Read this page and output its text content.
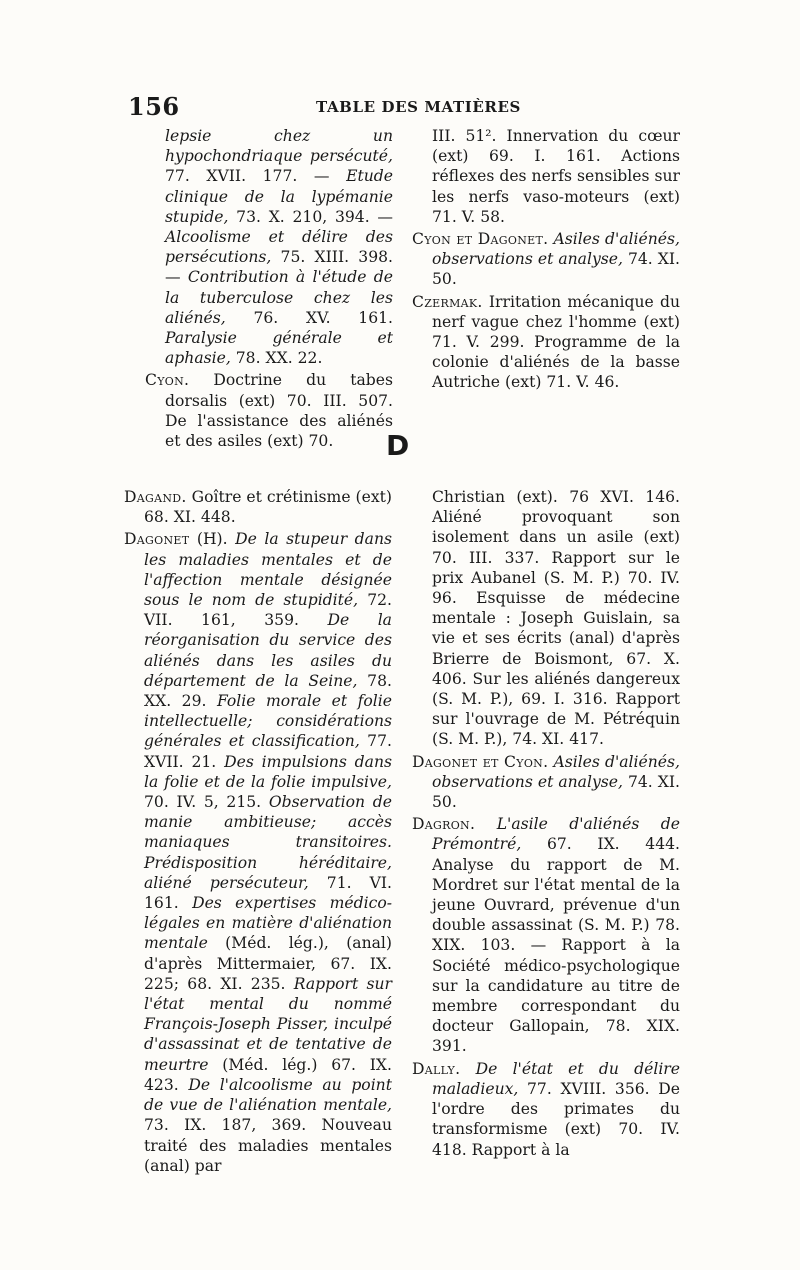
156	TABLE DES MATIÈRES

lepsie chez un hypochondriaque persécuté, 77. XVII. 177. — Etude clinique de la lypémanie stupide, 73. X. 210, 394. — Alcoolisme et délire des persécutions, 75. XIII. 398. — Contribution à l'étude de la tuberculose chez les aliénés, 76. XV. 161. Paralysie générale et aphasie, 78. XX. 22.

Cyon. Doctrine du tabes dorsalis (ext) 70. III. 507. De l'assistance des aliénés et des asiles (ext) 70.

III. 51². Innervation du cœur (ext) 69. I. 161. Actions réflexes des nerfs sensibles sur les nerfs vaso-moteurs (ext) 71. V. 58.

Cyon et Dagonet. Asiles d'aliénés, observations et analyse, 74. XI. 50.

Czermak. Irritation mécanique du nerf vague chez l'homme (ext) 71. V. 299. Programme de la colonie d'aliénés de la basse Autriche (ext) 71. V. 46.

D

Dagand. Goître et crétinisme (ext) 68. XI. 448.

Dagonet (H). De la stupeur dans les maladies mentales et de l'affection mentale désignée sous le nom de stupidité, 72. VII. 161, 359. De la réorganisation du service des aliénés dans les asiles du département de la Seine, 78. XX. 29. Folie morale et folie intellectuelle; considérations générales et classification, 77. XVII. 21. Des impulsions dans la folie et de la folie impulsive, 70. IV. 5, 215. Observation de manie ambitieuse; accès maniaques transitoires. Prédisposition héréditaire, aliéné persécuteur, 71. VI. 161. Des expertises médico-légales en matière d'aliénation mentale (Méd. lég.), (anal) d'après Mittermaier, 67. IX. 225; 68. XI. 235. Rapport sur l'état mental du nommé François-Joseph Pisser, inculpé d'assassinat et de tentative de meurtre (Méd. lég.) 67. IX. 423. De l'alcoolisme au point de vue de l'aliénation mentale, 73. IX. 187, 369. Nouveau traité des maladies mentales (anal) par

Christian (ext). 76 XVI. 146. Aliéné provoquant son isolement dans un asile (ext) 70. III. 337. Rapport sur le prix Aubanel (S. M. P.) 70. IV. 96. Esquisse de médecine mentale : Joseph Guislain, sa vie et ses écrits (anal) d'après Brierre de Boismont, 67. X. 406. Sur les aliénés dangereux (S. M. P.), 69. I. 316. Rapport sur l'ouvrage de M. Pétréquin (S. M. P.), 74. XI. 417.

Dagonet et Cyon. Asiles d'aliénés, observations et analyse, 74. XI. 50.

Dagron. L'asile d'aliénés de Prémontré, 67. IX. 444. Analyse du rapport de M. Mordret sur l'état mental de la jeune Ouvrard, prévenue d'un double assassinat (S. M. P.) 78. XIX. 103. — Rapport à la Société médico-psychologique sur la candidature au titre de membre correspondant du docteur Gallopain, 78. XIX. 391.

Dally. De l'état et du délire maladieux, 77. XVIII. 356. De l'ordre des primates du transformisme (ext) 70. IV. 418. Rapport à la
